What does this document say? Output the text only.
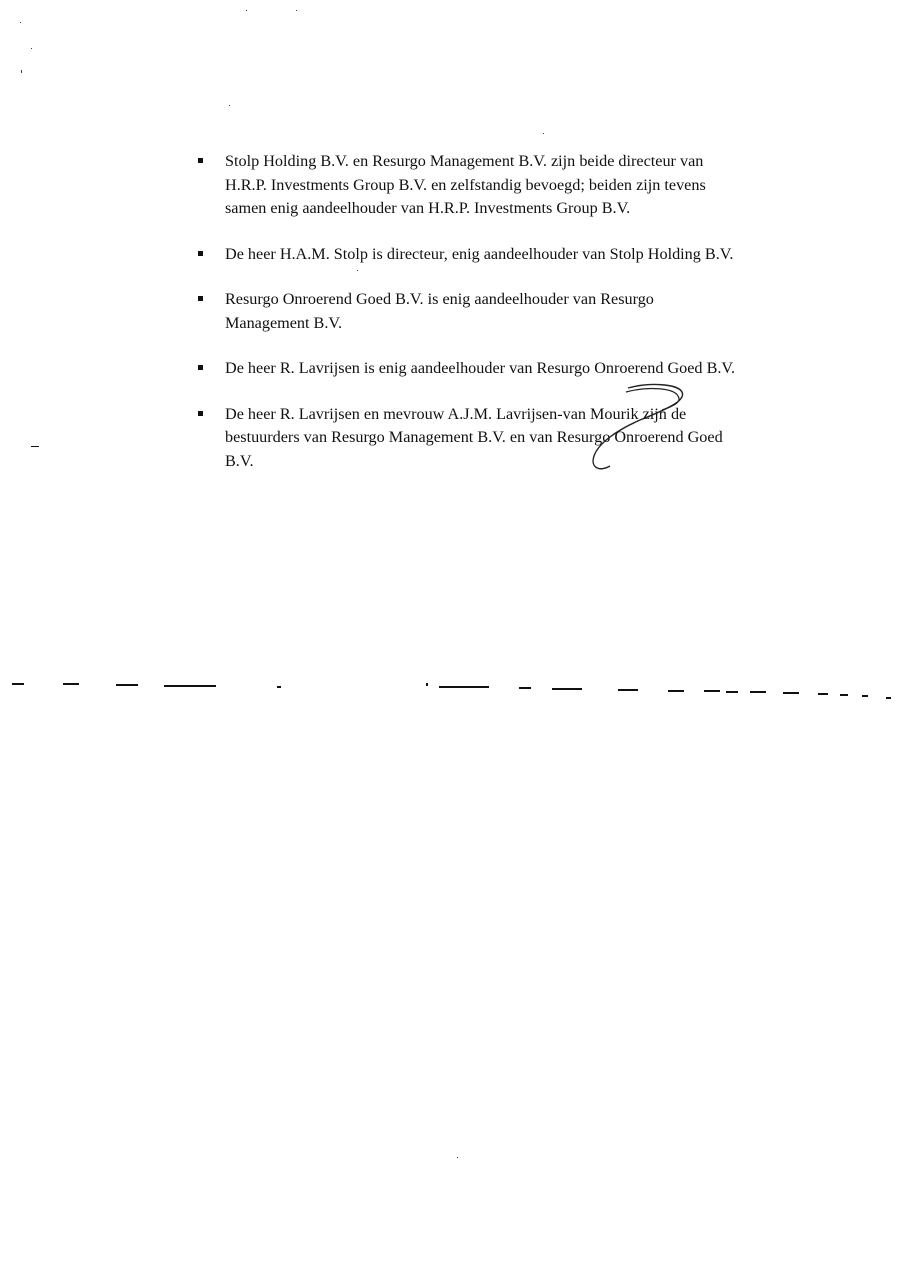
Stolp Holding B.V. en Resurgo Management B.V. zijn beide directeur van
H.R.P. Investments Group B.V. en zelfstandig bevoegd; beiden zijn tevens
samen enig aandeelhouder van H.R.P. Investments Group B.V.
De heer H.A.M. Stolp is directeur, enig aandeelhouder van Stolp Holding B.V.
Resurgo Onroerend Goed B.V. is enig aandeelhouder van Resurgo
Management B.V.
De heer R. Lavrijsen is enig aandeelhouder van Resurgo Onroerend Goed B.V.
De heer R. Lavrijsen en mevrouw A.J.M. Lavrijsen-van Mourik zijn de
bestuurders van Resurgo Management B.V. en van Resurgo Onroerend Goed
B.V.
